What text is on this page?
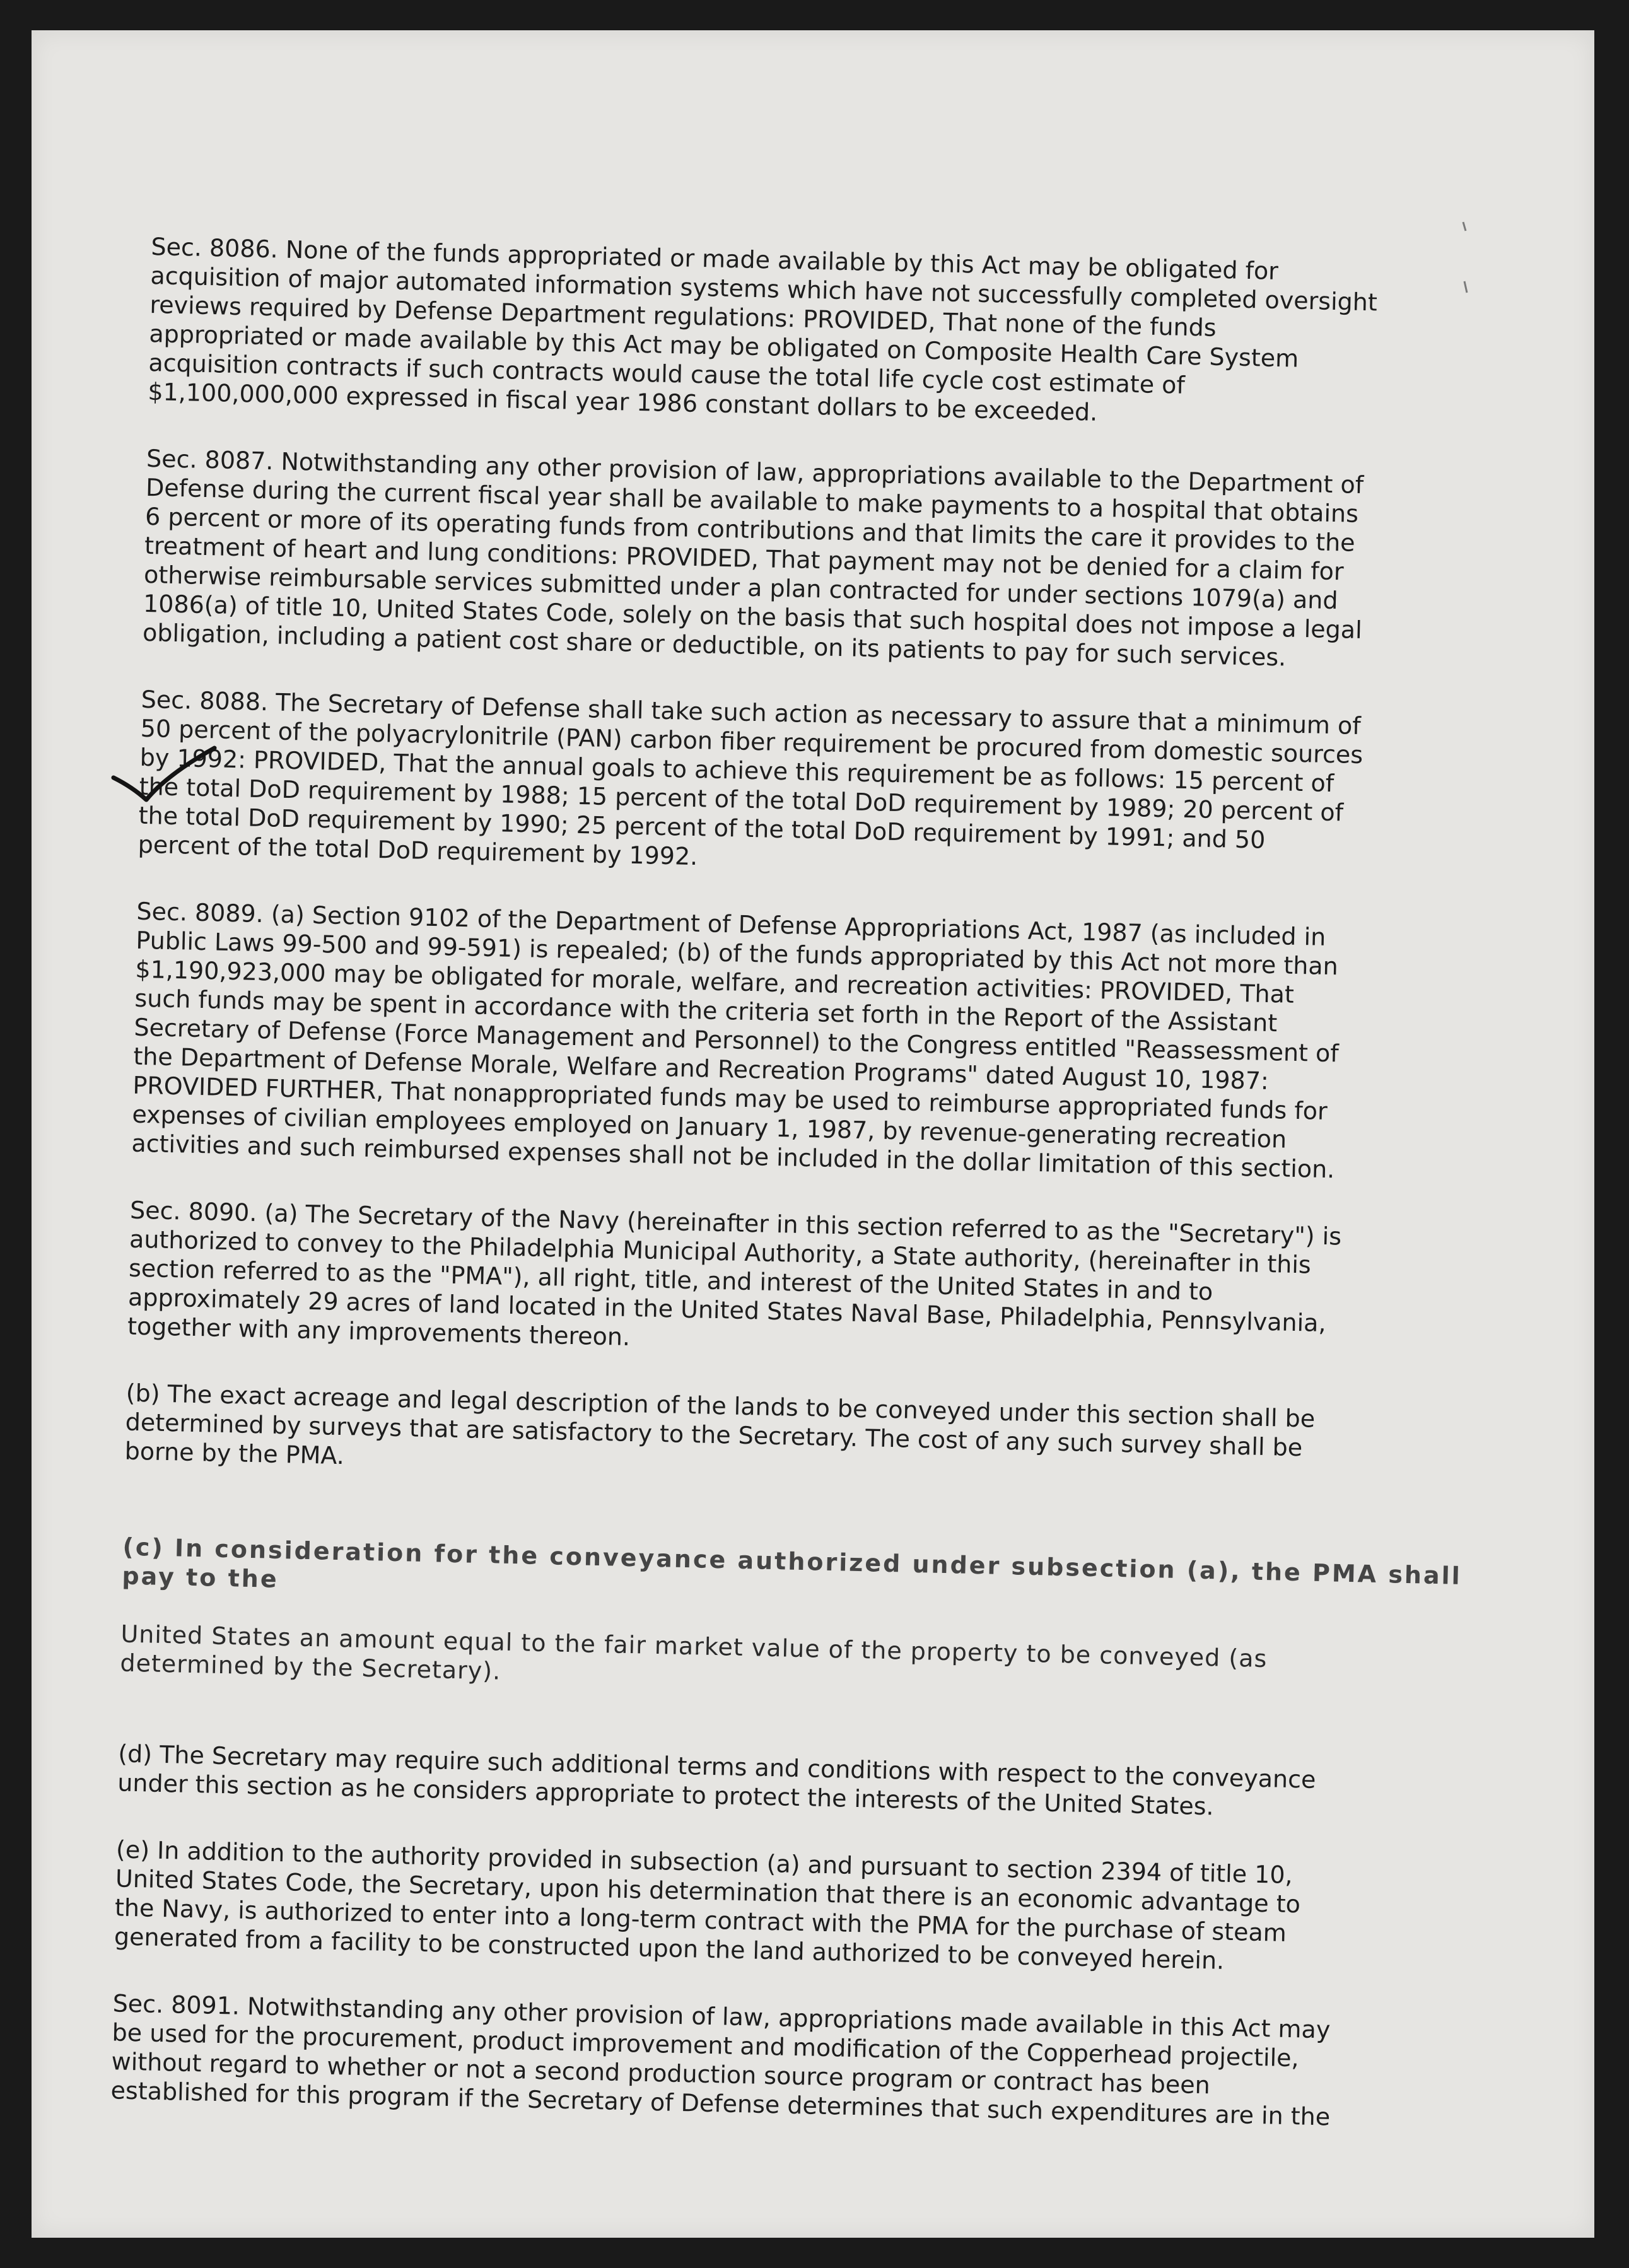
Sec. 8086. None of the funds appropriated or made available by this Act may be obligated for
acquisition of major automated information systems which have not successfully completed oversight
reviews required by Defense Department regulations: PROVIDED, That none of the funds
appropriated or made available by this Act may be obligated on Composite Health Care System
acquisition contracts if such contracts would cause the total life cycle cost estimate of
$1,100,000,000 expressed in fiscal year 1986 constant dollars to be exceeded.

Sec. 8087. Notwithstanding any other provision of law, appropriations available to the Department of
Defense during the current fiscal year shall be available to make payments to a hospital that obtains
6 percent or more of its operating funds from contributions and that limits the care it provides to the
treatment of heart and lung conditions: PROVIDED, That payment may not be denied for a claim for
otherwise reimbursable services submitted under a plan contracted for under sections 1079(a) and
1086(a) of title 10, United States Code, solely on the basis that such hospital does not impose a legal
obligation, including a patient cost share or deductible, on its patients to pay for such services.

Sec. 8088. The Secretary of Defense shall take such action as necessary to assure that a minimum of
50 percent of the polyacrylonitrile (PAN) carbon fiber requirement be procured from domestic sources
by 1992: PROVIDED, That the annual goals to achieve this requirement be as follows: 15 percent of
the total DoD requirement by 1988; 15 percent of the total DoD requirement by 1989; 20 percent of
the total DoD requirement by 1990; 25 percent of the total DoD requirement by 1991; and 50
percent of the total DoD requirement by 1992.

Sec. 8089. (a) Section 9102 of the Department of Defense Appropriations Act, 1987 (as included in
Public Laws 99-500 and 99-591) is repealed; (b) of the funds appropriated by this Act not more than
$1,190,923,000 may be obligated for morale, welfare, and recreation activities: PROVIDED, That
such funds may be spent in accordance with the criteria set forth in the Report of the Assistant
Secretary of Defense (Force Management and Personnel) to the Congress entitled "Reassessment of
the Department of Defense Morale, Welfare and Recreation Programs" dated August 10, 1987:
PROVIDED FURTHER, That nonappropriated funds may be used to reimburse appropriated funds for
expenses of civilian employees employed on January 1, 1987, by revenue-generating recreation
activities and such reimbursed expenses shall not be included in the dollar limitation of this section.

Sec. 8090. (a) The Secretary of the Navy (hereinafter in this section referred to as the "Secretary") is
authorized to convey to the Philadelphia Municipal Authority, a State authority, (hereinafter in this
section referred to as the "PMA"), all right, title, and interest of the United States in and to
approximately 29 acres of land located in the United States Naval Base, Philadelphia, Pennsylvania,
together with any improvements thereon.

(b) The exact acreage and legal description of the lands to be conveyed under this section shall be
determined by surveys that are satisfactory to the Secretary. The cost of any such survey shall be
borne by the PMA.

(c) In consideration for the conveyance authorized under subsection (a), the PMA shall pay to the

United States an amount equal to the fair market value of the property to be conveyed (as
determined by the Secretary).

(d) The Secretary may require such additional terms and conditions with respect to the conveyance
under this section as he considers appropriate to protect the interests of the United States.

(e) In addition to the authority provided in subsection (a) and pursuant to section 2394 of title 10,
United States Code, the Secretary, upon his determination that there is an economic advantage to
the Navy, is authorized to enter into a long-term contract with the PMA for the purchase of steam
generated from a facility to be constructed upon the land authorized to be conveyed herein.

Sec. 8091. Notwithstanding any other provision of law, appropriations made available in this Act may
be used for the procurement, product improvement and modification of the Copperhead projectile,
without regard to whether or not a second production source program or contract has been
established for this program if the Secretary of Defense determines that such expenditures are in the
